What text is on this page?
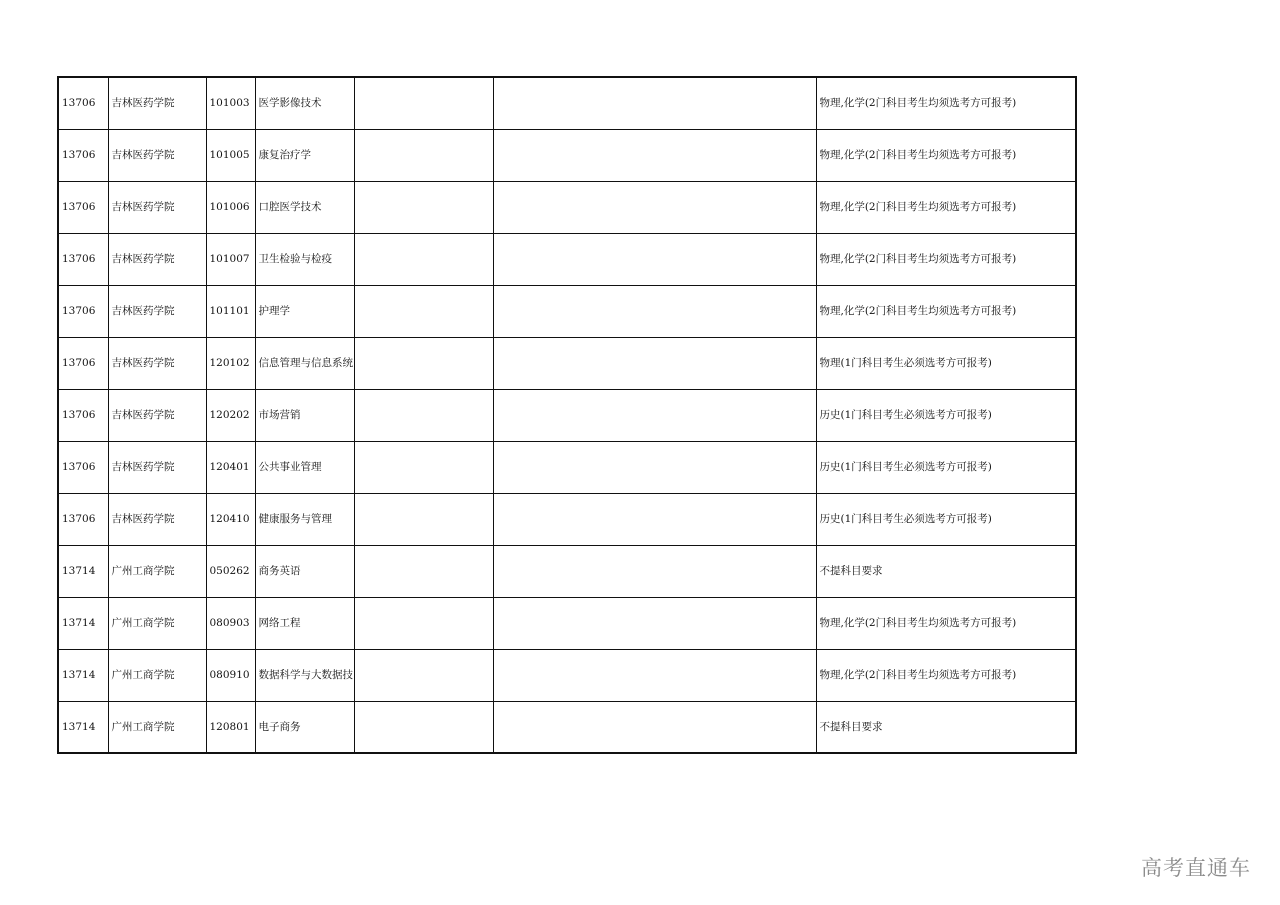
13706	吉林医药学院	101003	医学影像技术			物理,化学(2门科目考生均须选考方可报考)
13706	吉林医药学院	101005	康复治疗学			物理,化学(2门科目考生均须选考方可报考)
13706	吉林医药学院	101006	口腔医学技术			物理,化学(2门科目考生均须选考方可报考)
13706	吉林医药学院	101007	卫生检验与检疫			物理,化学(2门科目考生均须选考方可报考)
13706	吉林医药学院	101101	护理学			物理,化学(2门科目考生均须选考方可报考)
13706	吉林医药学院	120102	信息管理与信息系统			物理(1门科目考生必须选考方可报考)
13706	吉林医药学院	120202	市场营销			历史(1门科目考生必须选考方可报考)
13706	吉林医药学院	120401	公共事业管理			历史(1门科目考生必须选考方可报考)
13706	吉林医药学院	120410	健康服务与管理			历史(1门科目考生必须选考方可报考)
13714	广州工商学院	050262	商务英语			不提科目要求
13714	广州工商学院	080903	网络工程			物理,化学(2门科目考生均须选考方可报考)
13714	广州工商学院	080910	数据科学与大数据技			物理,化学(2门科目考生均须选考方可报考)
13714	广州工商学院	120801	电子商务			不提科目要求
高考直通车
